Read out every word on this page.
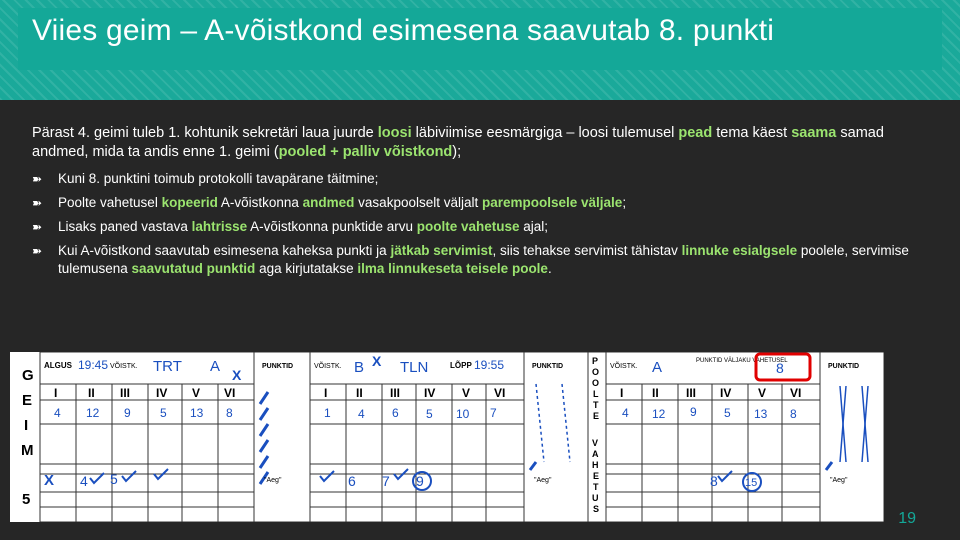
Viies geim – A-võistkond esimesena saavutab 8. punkti

Pärast 4. geimi tuleb 1. kohtunik sekretäri laua juurde loosi läbiviimise eesmärgiga – loosi tulemusel pead tema käest saama samad andmed, mida ta andis enne 1. geimi (pooled + palliv võistkond);

➽ Kuni 8. punktini toimub protokolli tavapärane täitmine;
➽ Poolte vahetusel kopeerid A-võistkonna andmed vasakpoolselt väljalt parempoolsele väljale;
➽ Lisaks paned vastava lahtrisse A-võistkonna punktide arvu poolte vahetuse ajal;
➽ Kui A-võistkond saavutab esimesena kaheksa punkti ja jätkab servimist, siis tehakse servimist tähistav linnuke esialgsele poolele, servimise tulemusena saavutatud punktid aga kirjutatakse ilma linnukeseta teisele poole.
G
E
I
M
5
ALGUS 19:45 VÕISTK. TRT A X
PUNKTID
I	II III IV V VI
4 12 9 5 13 8
X 4 5	"Aeg"
VÕISTK. B X TLN	LÕPP 19:55	PUNKTID
I II III IV V VI
1 4 6 5 10 7
6 7 9	"Aeg"
P
O
O
L
T
E
V
A
H
E
T
U
S
VÕISTK. A	PUNKTID VÄLJAKU VAHETUSEL
8	PUNKTID
I II III IV V VI
4 12 9 5 13 8
8 15	"Aeg"
19
